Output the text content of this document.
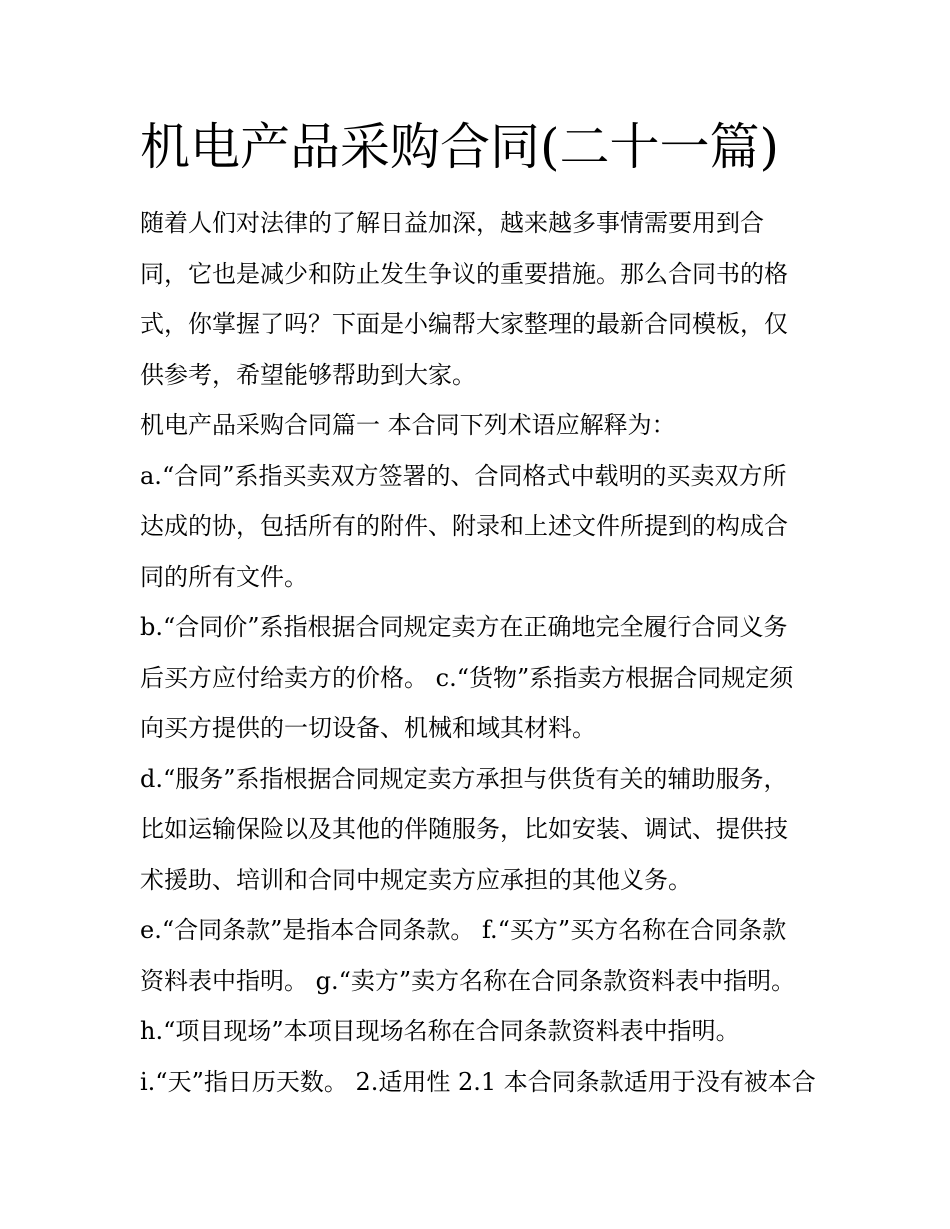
机电产品采购合同(二十一篇)
随着人们对法律的了解日益加深，越来越多事情需要用到合
同，它也是减少和防止发生争议的重要措施。那么合同书的格
式，你掌握了吗？下面是小编帮大家整理的最新合同模板，仅
供参考，希望能够帮助到大家。
机电产品采购合同篇一 本合同下列术语应解释为：
a.“合同”系指买卖双方签署的、合同格式中载明的买卖双方所
达成的协，包括所有的附件、附录和上述文件所提到的构成合
同的所有文件。
b.“合同价”系指根据合同规定卖方在正确地完全履行合同义务
后买方应付给卖方的价格。 c.“货物”系指卖方根据合同规定须
向买方提供的一切设备、机械和域其材料。
d.“服务”系指根据合同规定卖方承担与供货有关的辅助服务，
比如运输保险以及其他的伴随服务，比如安装、调试、提供技
术援助、培训和合同中规定卖方应承担的其他义务。
e.“合同条款”是指本合同条款。 f.“买方”买方名称在合同条款
资料表中指明。 g.“卖方”卖方名称在合同条款资料表中指明。
h.“项目现场”本项目现场名称在合同条款资料表中指明。
i.“天”指日历天数。 2.适用性 2.1 本合同条款适用于没有被本合
